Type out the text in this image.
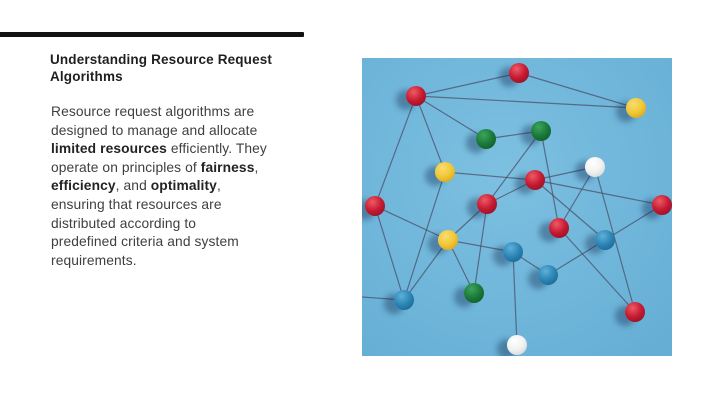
Understanding Resource Request
Algorithms
Resource request algorithms are
designed to manage and allocate
limited resources efficiently. They
operate on principles of fairness,
efficiency, and optimality,
ensuring that resources are
distributed according to
predefined criteria and system
requirements.
